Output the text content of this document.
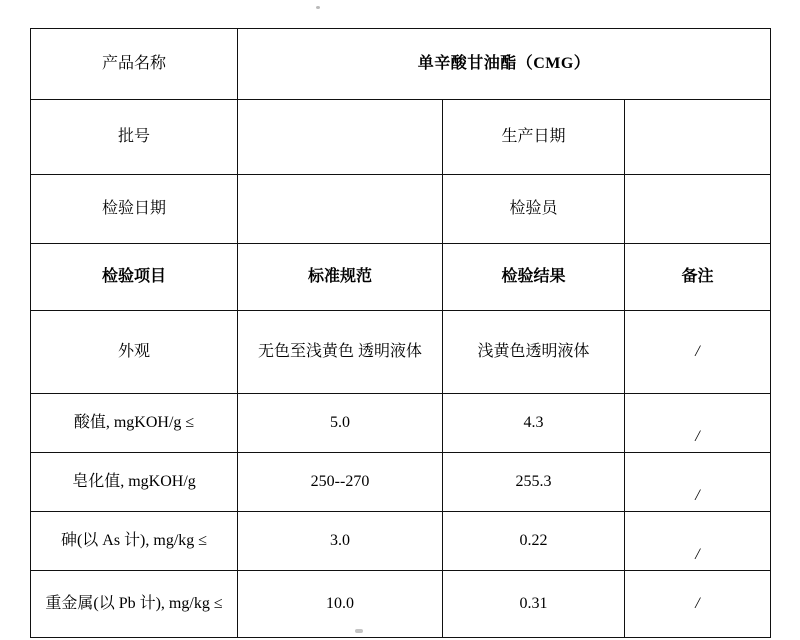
产品名称	单辛酸甘油酯（CMG）		
批号		生产日期	
检验日期		检验员	
检验项目	标准规范	检验结果	备注
外观	无色至浅黄色 透明液体	浅黄色透明液体	/
酸值, mgKOH/g ≤	5.0	4.3	/
皂化值, mgKOH/g	250--270	255.3	/
砷(以 As 计), mg/kg ≤	3.0	0.22	/
重金属(以 Pb 计), mg/kg ≤	10.0	0.31	/
